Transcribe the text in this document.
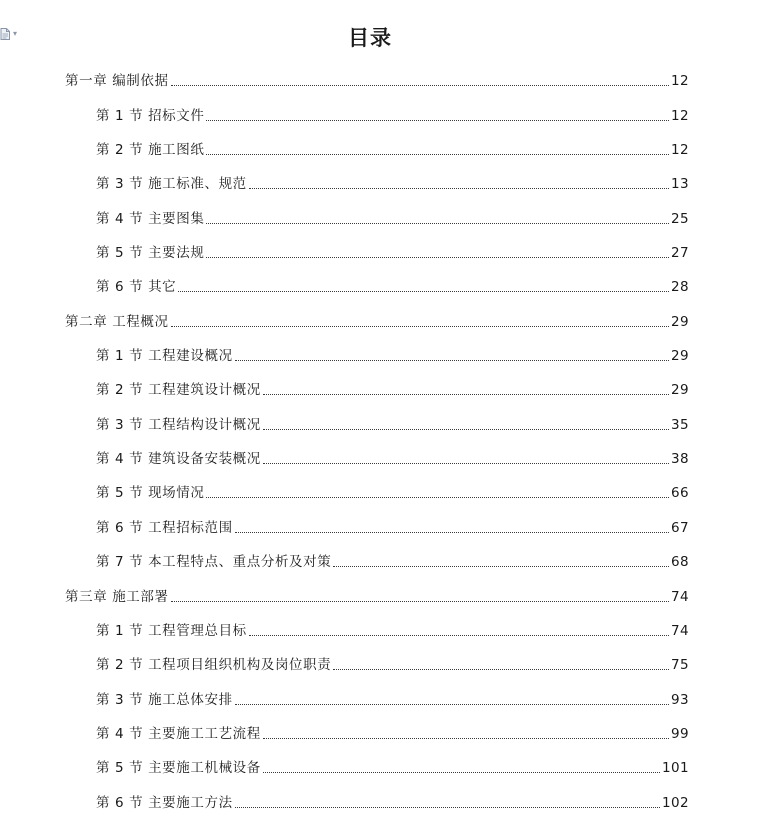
▾	目录
第一章 编制依据	12
第 1 节 招标文件	12
第 2 节 施工图纸	12
第 3 节 施工标准、规范	13
第 4 节 主要图集	25
第 5 节 主要法规	27
第 6 节 其它	28
第二章 工程概况	29
第 1 节 工程建设概况	29
第 2 节 工程建筑设计概况	29
第 3 节 工程结构设计概况	35
第 4 节 建筑设备安装概况	38
第 5 节 现场情况	66
第 6 节 工程招标范围	67
第 7 节 本工程特点、重点分析及对策	68
第三章 施工部署	74
第 1 节 工程管理总目标	74
第 2 节 工程项目组织机构及岗位职责	75
第 3 节 施工总体安排	93
第 4 节 主要施工工艺流程	99
第 5 节 主要施工机械设备	101
第 6 节 主要施工方法	102
